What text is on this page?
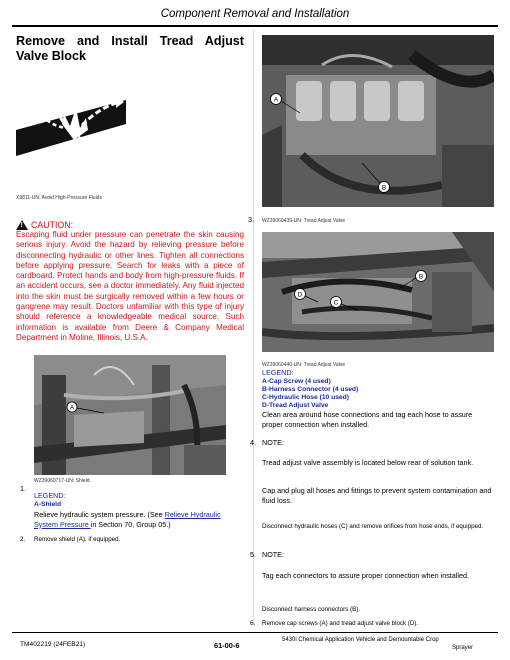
Component Removal and Installation
Remove and Install Tread Adjust Valve Block
X9811-UN: Avoid High-Pressure Fluids
! CAUTION:
Escaping fluid under pressure can penetrate the skin causing serious injury. Avoid the hazard by relieving pressure before disconnecting hydraulic or other lines. Tighten all connections before applying pressure. Search for leaks with a piece of cardboard. Protect hands and body from high-pressure fluids. If an accident occurs, see a doctor immediately. Any fluid injected into the skin must be surgically removed within a few hours or gangrene may result. Doctors unfamiliar with this type of injury should reference a knowledgeable medical source. Such information is available from Deere & Company Medical Department in Moline, Illinois, U.S.A.
A
WZ39060717-UN: Shield
1.
LEGEND:
A-Shield
Relieve hydraulic system pressure. (See Relieve Hydraulic System Pressure in Section 70, Group 05.)
2. Remove shield (A), if equipped.
A
B
3. WZ39060439-UN: Tread Adjust Valve
B
D
C
WZ39060440-UN: Tread Adjust Valve
LEGEND:
A-Cap Screw (4 used)
B-Harness Connector (4 used)
C-Hydraulic Hose (10 used)
D-Tread Adjust Valve
Clean area around hose connections and tag each hose to assure proper connection when installed.
4. NOTE:
Tread adjust valve assembly is located below rear of solution tank.
Cap and plug all hoses and fittings to prevent system contamination and fluid loss.
Disconnect hydraulic hoses (C) and remove orifices from hose ends, if equipped.
5. NOTE:
Tag each connectors to assure proper connection when installed.
Disconnect harness connectors (B).
6. Remove cap screws (A) and tread adjust valve block (D).
TM402219 (24FEB21)	61-00-6
5430i Chemical Application Vehicle and Demountable Crop
Sprayer
